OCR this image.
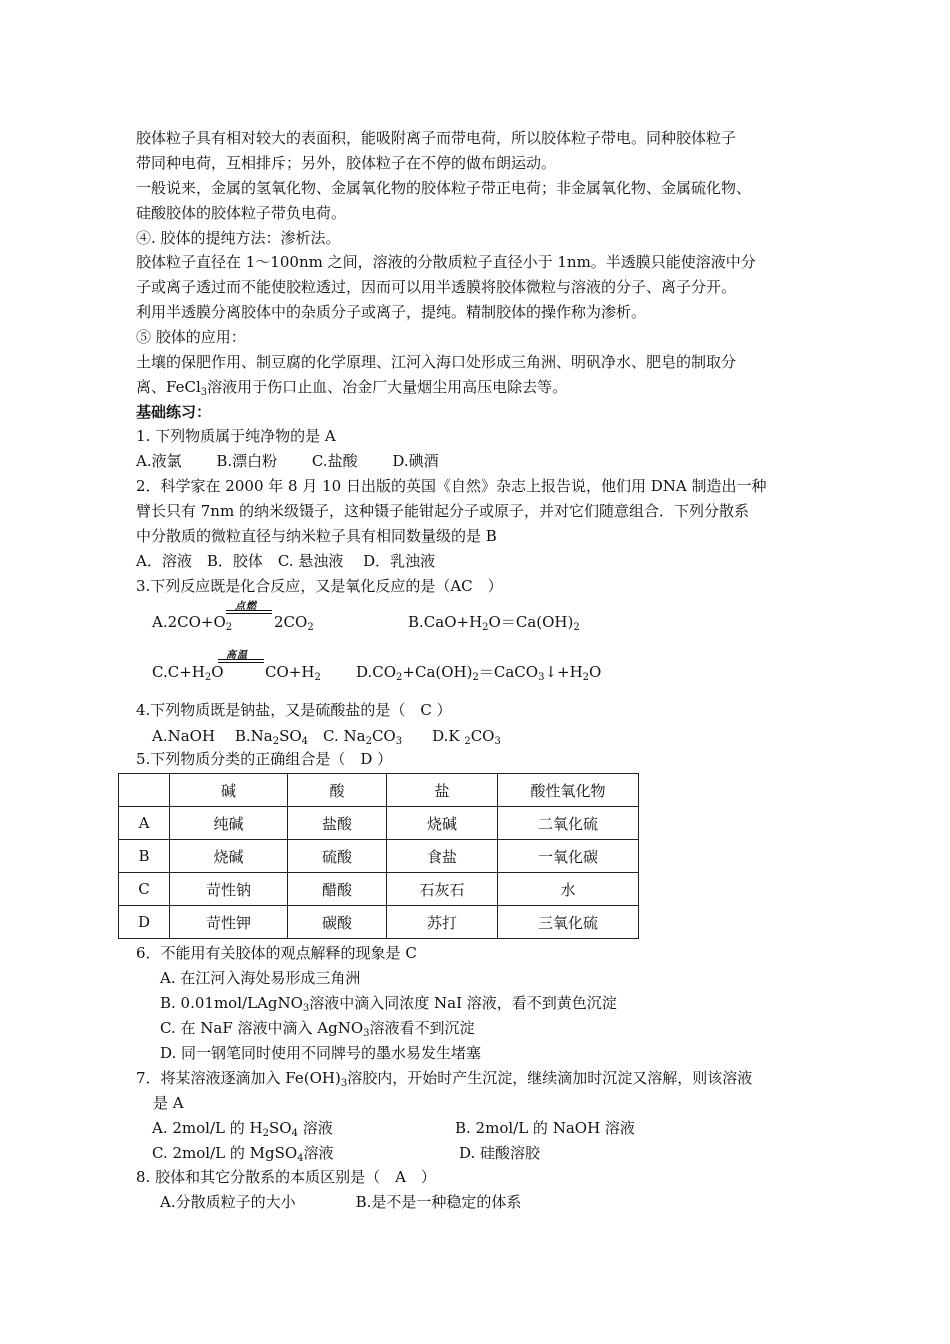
胶体粒子具有相对较大的表面积，能吸附离子而带电荷，所以胶体粒子带电。同种胶体粒子
带同种电荷，互相排斥；另外，胶体粒子在不停的做布朗运动。
一般说来，金属的氢氧化物、金属氧化物的胶体粒子带正电荷；非金属氧化物、金属硫化物、
硅酸胶体的胶体粒子带负电荷。
④. 胶体的提纯方法：渗析法。
胶体粒子直径在 1～100nm 之间，溶液的分散质粒子直径小于 1nm。半透膜只能使溶液中分
子或离子透过而不能使胶粒透过，因而可以用半透膜将胶体微粒与溶液的分子、离子分开。
利用半透膜分离胶体中的杂质分子或离子，提纯。精制胶体的操作称为渗析。
⑤ 胶体的应用：
土壤的保肥作用、制豆腐的化学原理、江河入海口处形成三角洲、明矾净水、肥皂的制取分
离、FeCl$_3$溶液用于伤口止血、冶金厂大量烟尘用高压电除去等。
基础练习：
1. 下列物质属于纯净物的是 A
A.液氯　　 B.漂白粉　　 C.盐酸　　 D.碘酒
2．科学家在 2000 年 8 月 10 日出版的英国《自然》杂志上报告说，他们用 DNA 制造出一种
臂长只有 7nm 的纳米级镊子，这种镊子能钳起分子或原子，并对它们随意组合．下列分散系
中分散质的微粒直径与纳米粒子具有相同数量级的是 B
A．溶液　B．胶体　C. 悬浊液　 D．乳浊液
3.下列反应既是化合反应，又是氧化反应的是（AC　）
$A.2CO+O_2$
点燃
$2CO_2$	$B.CaO+H_2O=Ca(OH)_2$
$C.C+H_2O$
高温
$CO+H_2$ $D.CO_2+Ca(OH)_2=CaCO_3↓+H_2O$
4.下列物质既是钠盐，又是硫酸盐的是（　C ）
A.NaOH　 $B.Na_2SO_4$　C. $Na_2CO_3$　　D.K $_2CO_3$
5.下列物质分类的正确组合是（　D ）
	碱	酸	盐	酸性氧化物
A	纯碱	盐酸	烧碱	二氧化硫
B	烧碱	硫酸	食盐	一氧化碳
C	苛性钠	醋酸	石灰石	水
D	苛性钾	碳酸	苏打	三氧化硫
6．不能用有关胶体的观点解释的现象是 C
A. 在江河入海处易形成三角洲
B. 0.01mol/LAgNO$_3$溶液中滴入同浓度 NaI 溶液，看不到黄色沉淀
C. 在 NaF 溶液中滴入 AgNO$_3$溶液看不到沉淀
D. 同一钢笔同时使用不同牌号的墨水易发生堵塞
7．将某溶液逐滴加入 $Fe(OH)_3$溶胶内，开始时产生沉淀，继续滴加时沉淀又溶解，则该溶液
是 A
A. 2mol/L 的 $H_2SO_4$ 溶液	B. 2mol/L 的 NaOH 溶液
C. 2mol/L 的 MgSO$_4$溶液	D. 硅酸溶胶
8. 胶体和其它分散系的本质区别是（　A　）
A.分散质粒子的大小　　　　B.是不是一种稳定的体系
